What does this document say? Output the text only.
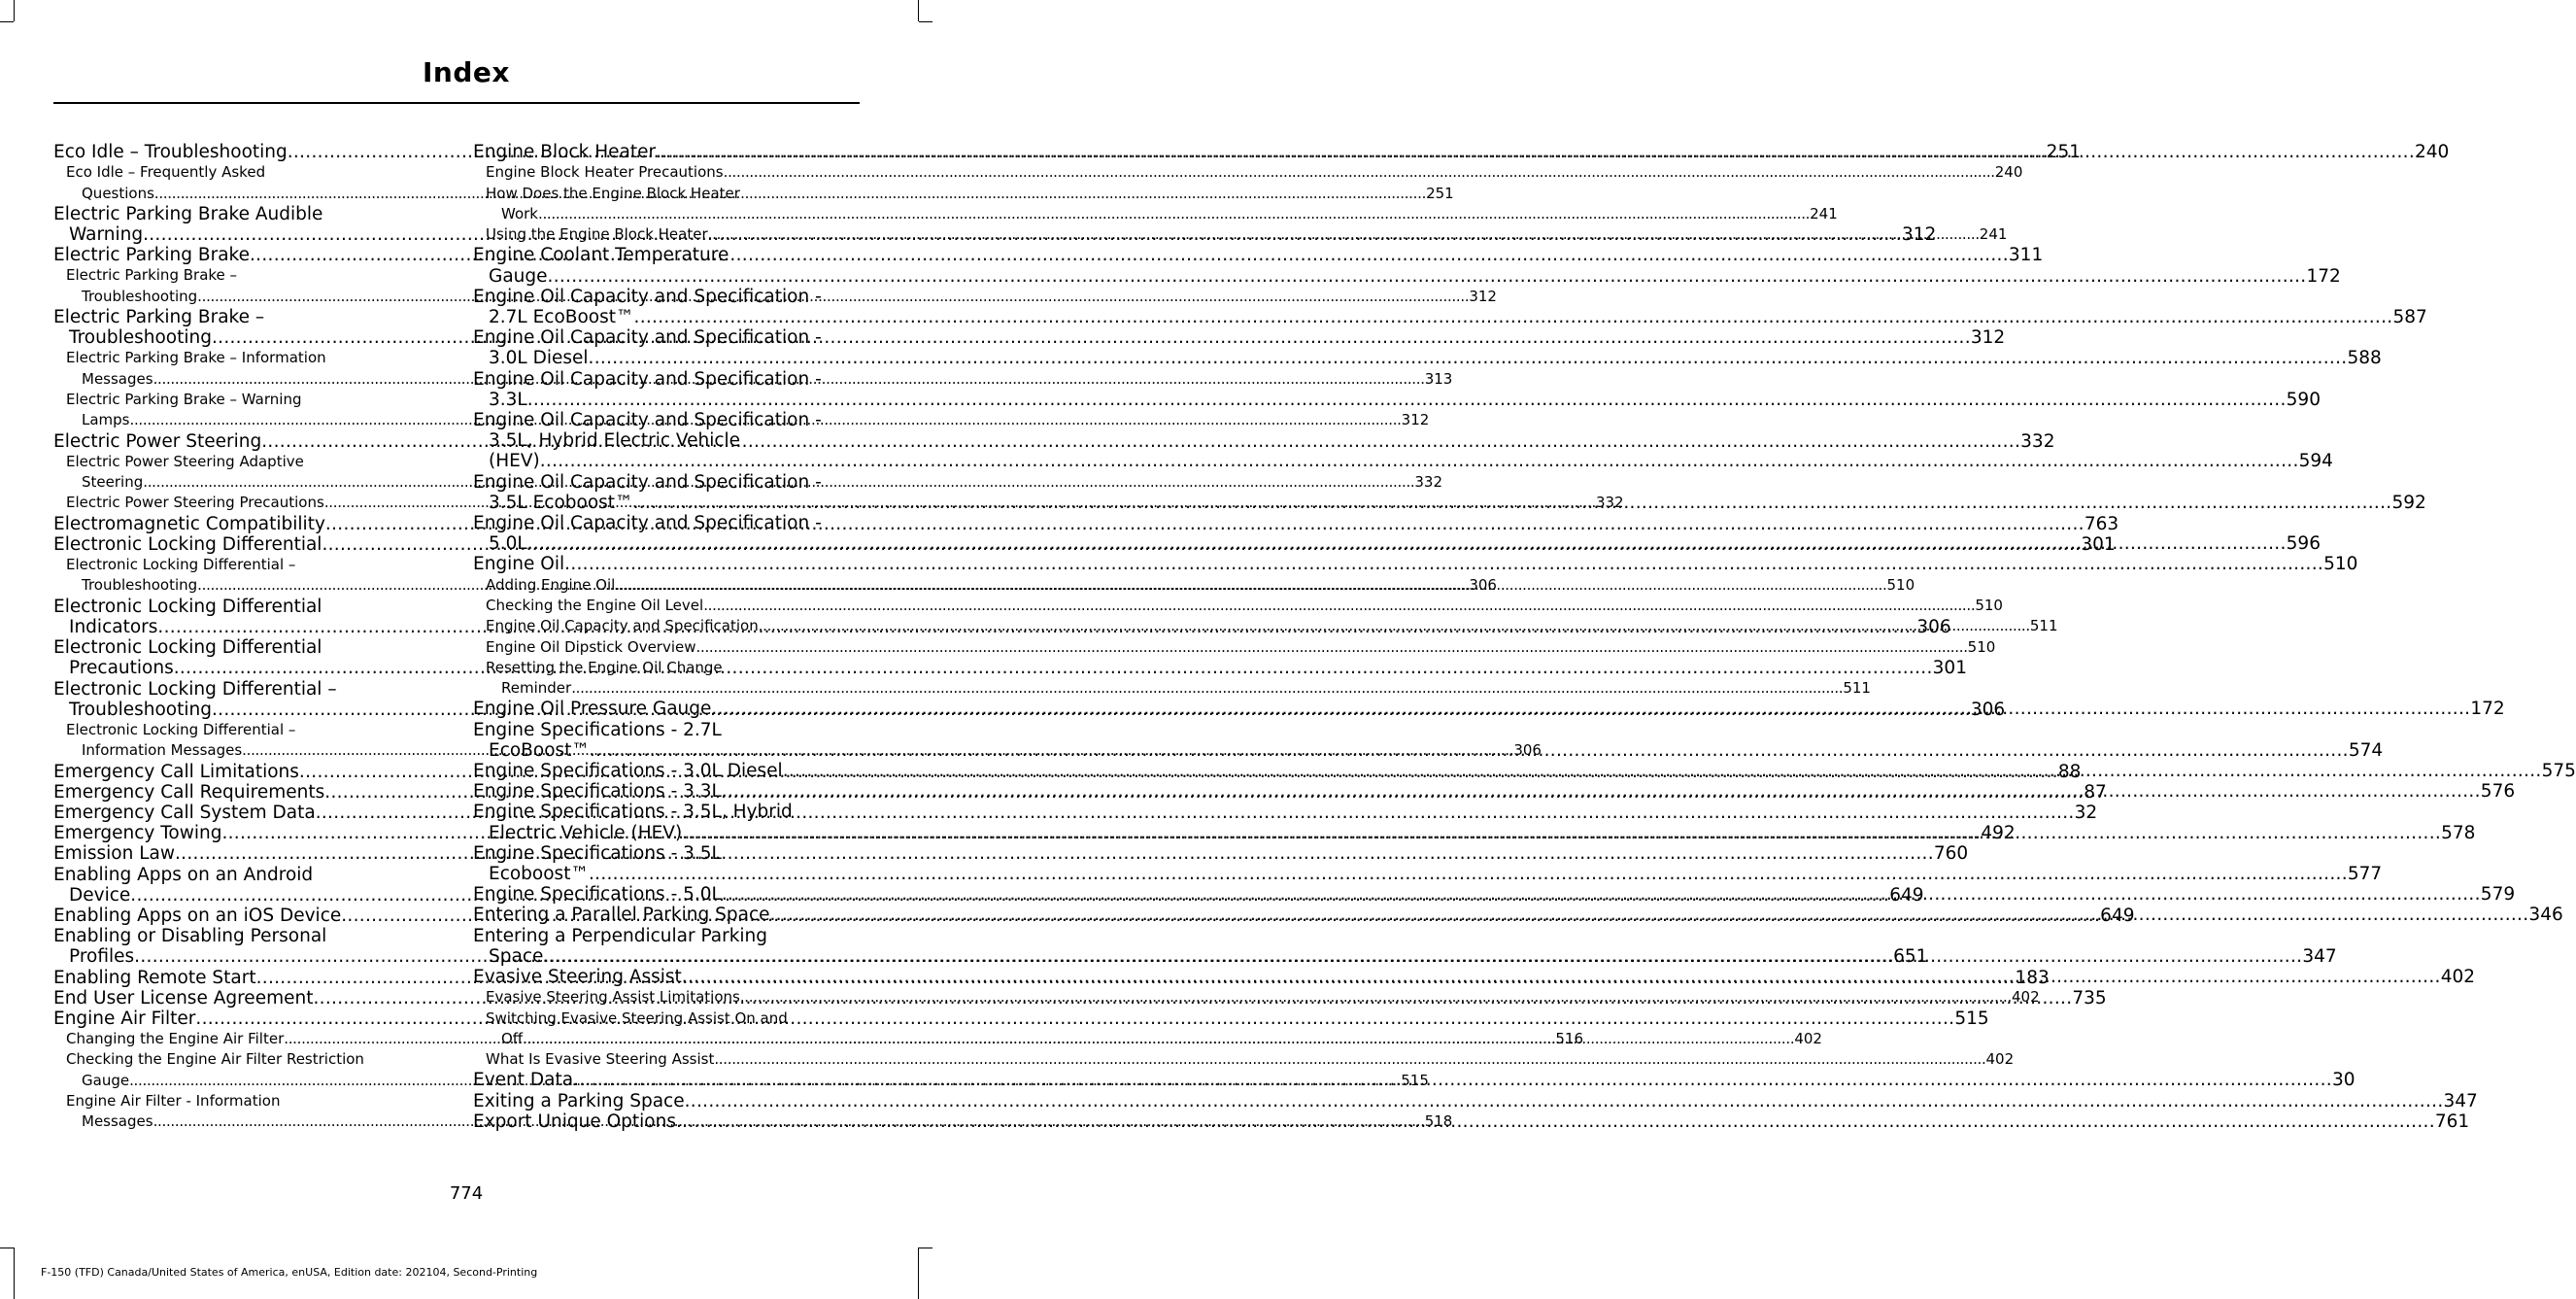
Index
Eco Idle – Troubleshooting .....	251
Eco Idle – Frequently Asked
Questions .....	251
Electric Parking Brake Audible
Warning .....	312
Electric Parking Brake .....	311
Electric Parking Brake –
Troubleshooting .....	312
Electric Parking Brake –
Troubleshooting .....	312
Electric Parking Brake – Information
Messages .....	313
Electric Parking Brake – Warning
Lamps .....	312
Electric Power Steering .....	332
Electric Power Steering Adaptive
Steering .....	332
Electric Power Steering Precautions .....	332
Electromagnetic Compatibility .....	763
Electronic Locking Differential .....	301
Electronic Locking Differential –
Troubleshooting .....	306
Electronic Locking Differential
Indicators .....	306
Electronic Locking Differential
Precautions .....	301
Electronic Locking Differential –
Troubleshooting .....	306
Electronic Locking Differential –
Information Messages .....	306
Emergency Call Limitations .....	88
Emergency Call Requirements .....	87
Emergency Call System Data .....	32
Emergency Towing .....	492
Emission Law .....	760
Enabling Apps on an Android
Device .....	649
Enabling Apps on an iOS Device .....	649
Enabling or Disabling Personal
Profiles .....	651
Enabling Remote Start .....	183
End User License Agreement .....	735
Engine Air Filter .....	515
Changing the Engine Air Filter .....	516
Checking the Engine Air Filter Restriction
Gauge .....	515
Engine Air Filter - Information
Messages .....	518
Engine Block Heater .....	240
Engine Block Heater Precautions .....	240
How Does the Engine Block Heater
Work .....	241
Using the Engine Block Heater .....	241
Engine Coolant Temperature
Gauge .....	172
Engine Oil Capacity and Specification -
2.7L EcoBoost™ .....	587
Engine Oil Capacity and Specification -
3.0L Diesel .....	588
Engine Oil Capacity and Specification -
3.3L .....	590
Engine Oil Capacity and Specification -
3.5L, Hybrid Electric Vehicle
(HEV) .....	594
Engine Oil Capacity and Specification -
3.5L Ecoboost™ .....	592
Engine Oil Capacity and Specification -
5.0L .....	596
Engine Oil .....	510
Adding Engine Oil .....	510
Checking the Engine Oil Level .....	510
Engine Oil Capacity and Specification .....	511
Engine Oil Dipstick Overview .....	510
Resetting the Engine Oil Change
Reminder .....	511
Engine Oil Pressure Gauge .....	172
Engine Specifications - 2.7L
EcoBoost™ .....	574
Engine Specifications - 3.0L Diesel .....	575
Engine Specifications - 3.3L .....	576
Engine Specifications - 3.5L, Hybrid
Electric Vehicle (HEV) .....	578
Engine Specifications - 3.5L
Ecoboost™ .....	577
Engine Specifications - 5.0L .....	579
Entering a Parallel Parking Space .....	346
Entering a Perpendicular Parking
Space .....	347
Evasive Steering Assist .....	402
Evasive Steering Assist Limitations .....	402
Switching Evasive Steering Assist On and
Off .....	402
What Is Evasive Steering Assist .....	402
Event Data .....	30
Exiting a Parking Space .....	347
Export Unique Options .....	761
774
F-150 (TFD) Canada/United States of America, enUSA, Edition date: 202104, Second-Printing
